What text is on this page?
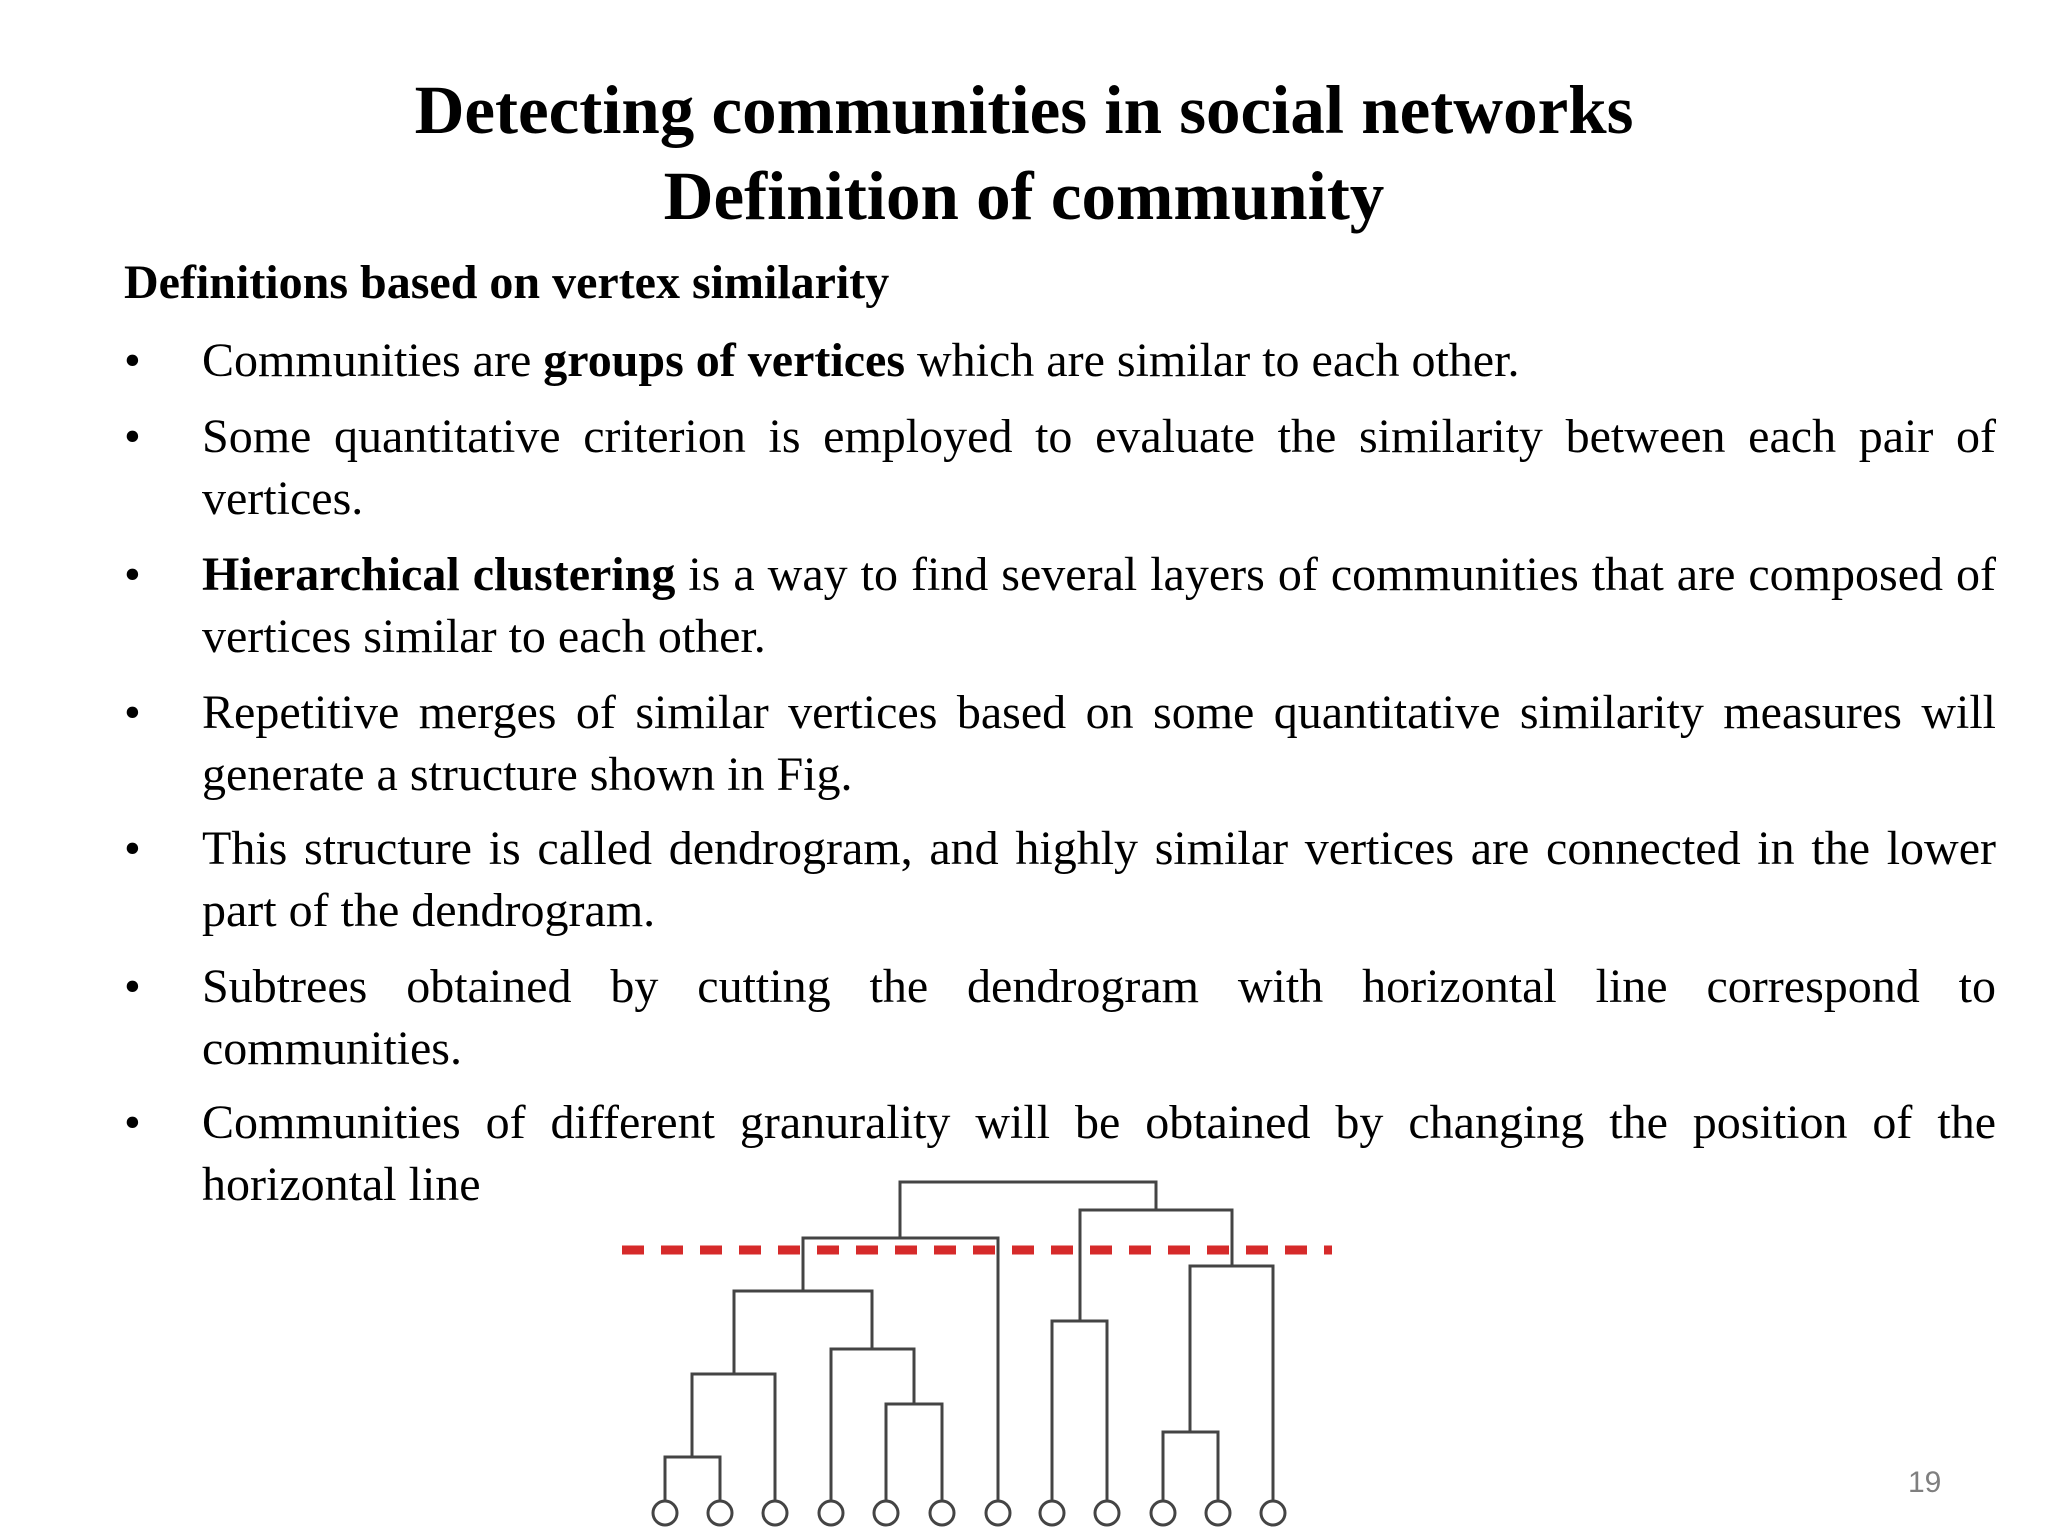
Detecting communities in social networks
Definition of community
Definitions based on vertex similarity
•	Communities are groups of vertices which are similar to each other.
•	Some quantitative criterion is employed to evaluate the similarity between each pair of vertices.
•	Hierarchical clustering is a way to find several layers of communities that are composed of vertices similar to each other.
•	Repetitive merges of similar vertices based on some quantitative similarity measures will generate a structure shown in Fig.
•	This structure is called dendrogram, and highly similar vertices are connected in the lower part of the dendrogram.
•	Subtrees obtained by cutting the dendrogram with horizontal line correspond to communities.
•	Communities of different granurality will be obtained by changing the position of the horizontal line
19
